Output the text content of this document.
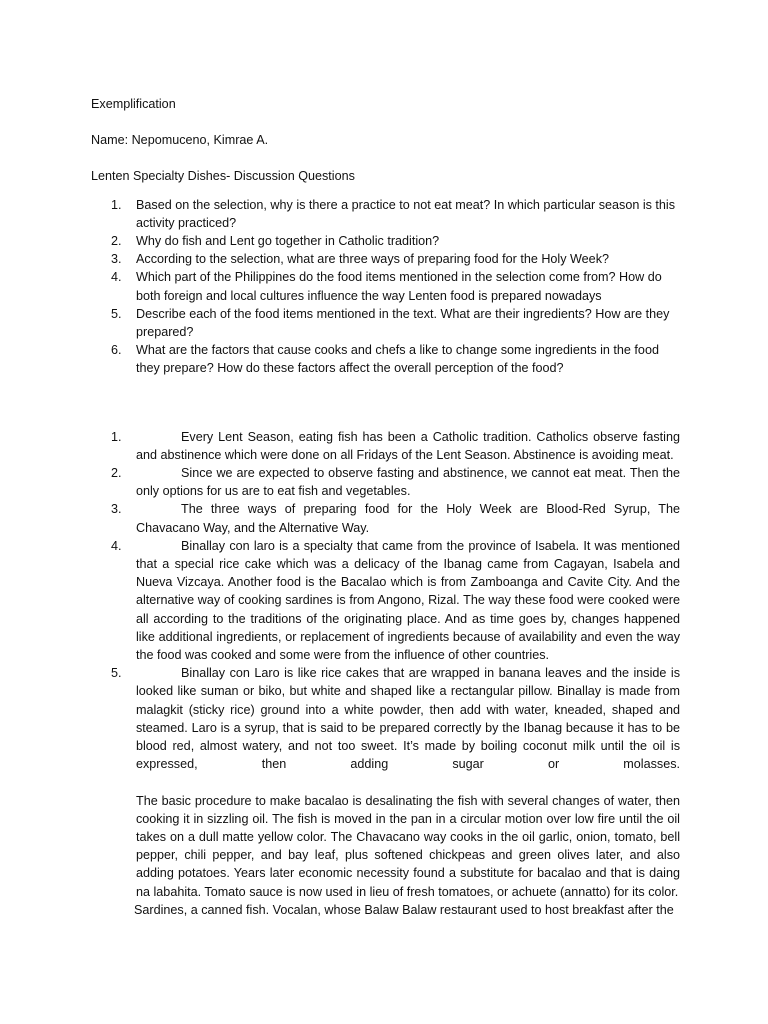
Exemplification

Name: Nepomuceno, Kimrae A.

Lenten Specialty Dishes- Discussion Questions

1. Based on the selection, why is there a practice to not eat meat? In which particular season is this activity practiced?
2. Why do fish and Lent go together in Catholic tradition?
3. According to the selection, what are three ways of preparing food for the Holy Week?
4. Which part of the Philippines do the food items mentioned in the selection come from? How do both foreign and local cultures influence the way Lenten food is prepared nowadays
5. Describe each of the food items mentioned in the text. What are their ingredients? How are they prepared?
6. What are the factors that cause cooks and chefs a like to change some ingredients in the food they prepare? How do these factors affect the overall perception of the food?
1.	Every Lent Season, eating fish has been a Catholic tradition. Catholics observe fasting and abstinence which were done on all Fridays of the Lent Season. Abstinence is avoiding meat.
2.	Since we are expected to observe fasting and abstinence, we cannot eat meat. Then the only options for us are to eat fish and vegetables.
3.	The three ways of preparing food for the Holy Week are Blood-Red Syrup, The Chavacano Way, and the Alternative Way.
4.	Binallay con laro is a specialty that came from the province of Isabela. It was mentioned that a special rice cake which was a delicacy of the Ibanag came from Cagayan, Isabela and Nueva Vizcaya. Another food is the Bacalao which is from Zamboanga and Cavite City. And the alternative way of cooking sardines is from Angono, Rizal. The way these food were cooked were all according to the traditions of the originating place. And as time goes by, changes happened like additional ingredients, or replacement of ingredients because of availability and even the way the food was cooked and some were from the influence of other countries.
5.	Binallay con Laro is like rice cakes that are wrapped in banana leaves and the inside is looked like suman or biko, but white and shaped like a rectangular pillow. Binallay is made from malagkit (sticky rice) ground into a white powder, then add with water, kneaded, shaped and steamed. Laro is a syrup, that is said to be prepared correctly by the Ibanag because it has to be blood red, almost watery, and not too sweet. It’s made by boiling coconut milk until the oil is expressed, then adding sugar or molasses.

The basic procedure to make bacalao is desalinating the fish with several changes of water, then cooking it in sizzling oil. The fish is moved in the pan in a circular motion over low fire until the oil takes on a dull matte yellow color. The Chavacano way cooks in the oil garlic, onion, tomato, bell pepper, chili pepper, and bay leaf, plus softened chickpeas and green olives later, and also adding potatoes. Years later economic necessity found a substitute for bacalao and that is daing na labahita. Tomato sauce is now used in lieu of fresh tomatoes, or achuete (annatto) for its color.

Sardines, a canned fish. Vocalan, whose Balaw Balaw restaurant used to host breakfast after the
